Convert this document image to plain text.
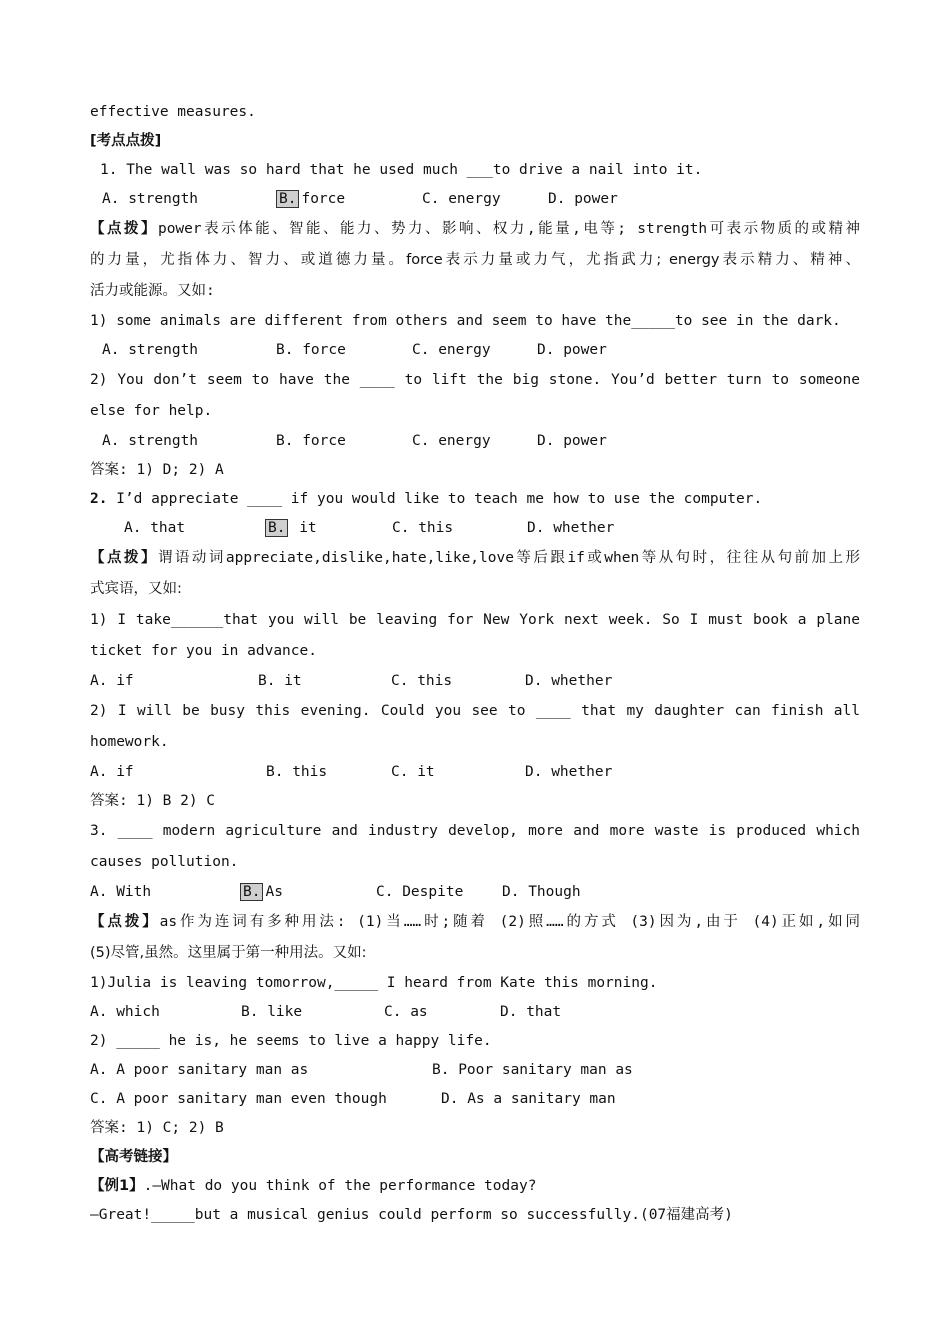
effective measures.
[考点点拨]
1. The wall was so hard that he used much ___to drive a nail into it.
A. strength	B. force	C. energy	D. power
【点拨】power表示体能、智能、能力、势力、影响、权力,能量,电等; strength可表示物质的或精神
的力量，尤指体力、智力、或道德力量。force表示力量或力气，尤指武力; energy表示精力、精神、
活力或能源。又如:
1) some animals are different from others and seem to have the_____to see in the dark.
A. strength	B. force	C. energy	D. power
2) You don’t seem to have the ____ to lift the big stone. You’d better turn to someone
else for help.
A. strength	B. force	C. energy	D. power
答案: 1) D; 2) A
2. I’d appreciate ____ if you would like to teach me how to use the computer.
A. that	B. it	C. this	D. whether
【点拨】谓语动词appreciate,dislike,hate,like,love等后跟if或when等从句时，往往从句前加上形
式宾语，又如:
1) I take______that you will be leaving for New York next week. So I must book a plane
ticket for you in advance.
A. if	B. it	C. this	D. whether
2) I will be busy this evening. Could you see to ____ that my daughter can finish all
homework.
A. if	B. this	C. it	D. whether
答案: 1) B 2) C
3. ____ modern agriculture and industry develop, more and more waste is produced which
causes pollution.
A. With	B. As	C. Despite	D. Though
【点拨】as作为连词有多种用法: (1)当……时;随着 (2)照……的方式 (3)因为,由于 (4)正如,如同
(5)尽管,虽然。这里属于第一种用法。又如:
1)Julia is leaving tomorrow,_____ I heard from Kate this morning.
A. which	B. like	C. as	D. that
2) _____ he is, he seems to live a happy life.
A. A poor sanitary man as	B. Poor sanitary man as
C. A poor sanitary man even though	D. As a sanitary man
答案: 1) C; 2) B
【高考链接】
【例1】.—What do you think of the performance today?
—Great!_____but a musical genius could perform so successfully.(07福建高考)
